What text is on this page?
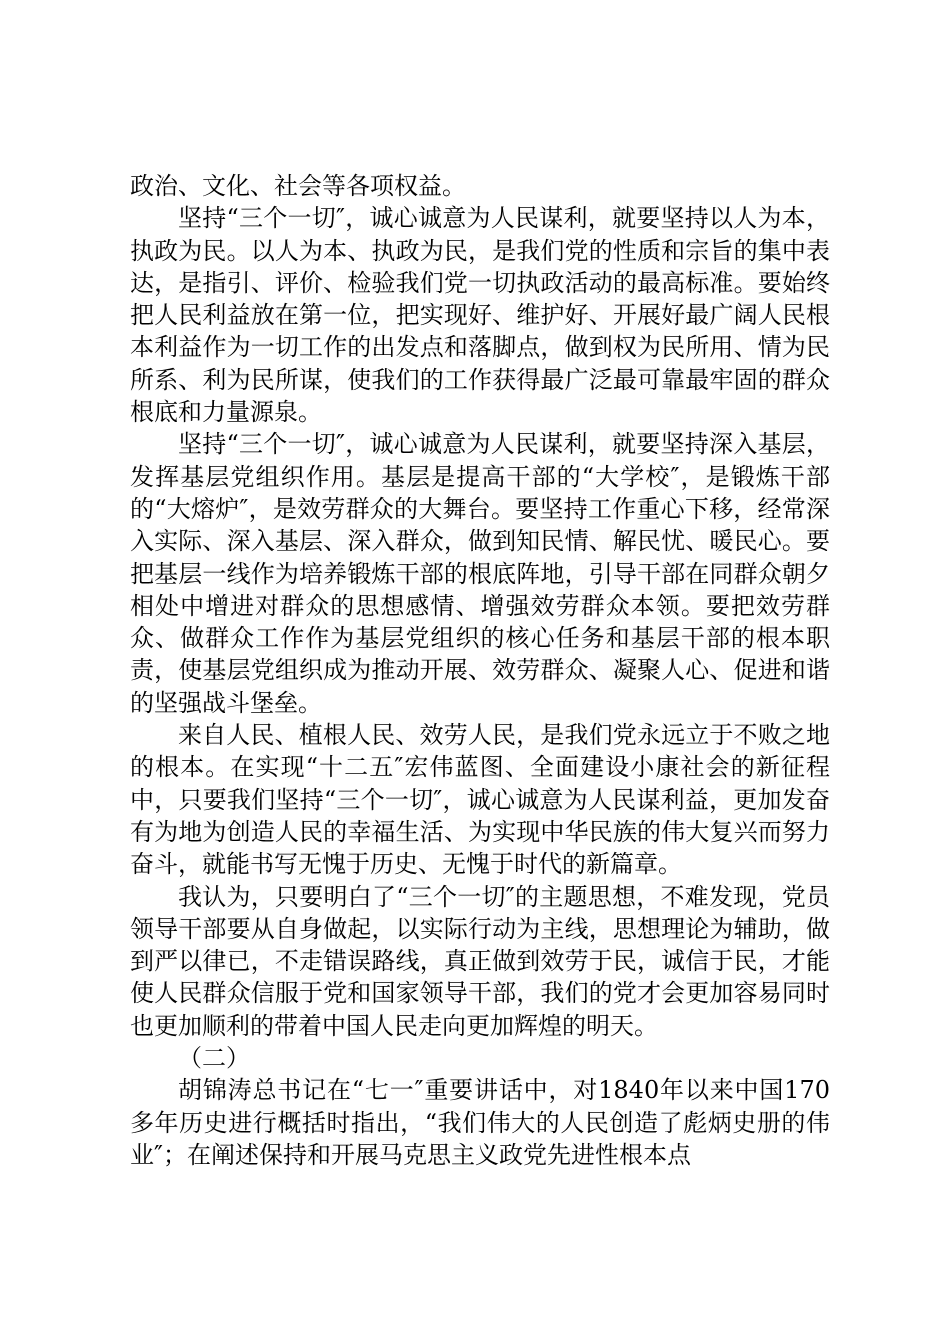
政治、文化、社会等各项权益。

坚持“三个一切″，诚心诚意为人民谋利，就要坚持以人为本，执政为民。以人为本、执政为民，是我们党的性质和宗旨的集中表达，是指引、评价、检验我们党一切执政活动的最高标准。要始终把人民利益放在第一位，把实现好、维护好、开展好最广阔人民根本利益作为一切工作的出发点和落脚点，做到权为民所用、情为民所系、利为民所谋，使我们的工作获得最广泛最可靠最牢固的群众根底和力量源泉。

坚持“三个一切″，诚心诚意为人民谋利，就要坚持深入基层，发挥基层党组织作用。基层是提高干部的“大学校″，是锻炼干部的“大熔炉″，是效劳群众的大舞台。要坚持工作重心下移，经常深入实际、深入基层、深入群众，做到知民情、解民忧、暖民心。要把基层一线作为培养锻炼干部的根底阵地，引导干部在同群众朝夕相处中增进对群众的思想感情、增强效劳群众本领。要把效劳群众、做群众工作作为基层党组织的核心任务和基层干部的根本职责，使基层党组织成为推动开展、效劳群众、凝聚人心、促进和谐的坚强战斗堡垒。

来自人民、植根人民、效劳人民，是我们党永远立于不败之地的根本。在实现“十二五″宏伟蓝图、全面建设小康社会的新征程中，只要我们坚持“三个一切″，诚心诚意为人民谋利益，更加发奋有为地为创造人民的幸福生活、为实现中华民族的伟大复兴而努力奋斗，就能书写无愧于历史、无愧于时代的新篇章。

我认为，只要明白了“三个一切″的主题思想，不难发现，党员领导干部要从自身做起，以实际行动为主线，思想理论为辅助，做到严以律已，不走错误路线，真正做到效劳于民，诚信于民，才能使人民群众信服于党和国家领导干部，我们的党才会更加容易同时也更加顺利的带着中国人民走向更加辉煌的明天。

（二）

胡锦涛总书记在“七一″重要讲话中，对1840年以来中国170多年历史进行概括时指出，“我们伟大的人民创造了彪炳史册的伟业″；在阐述保持和开展马克思主义政党先进性根本点
